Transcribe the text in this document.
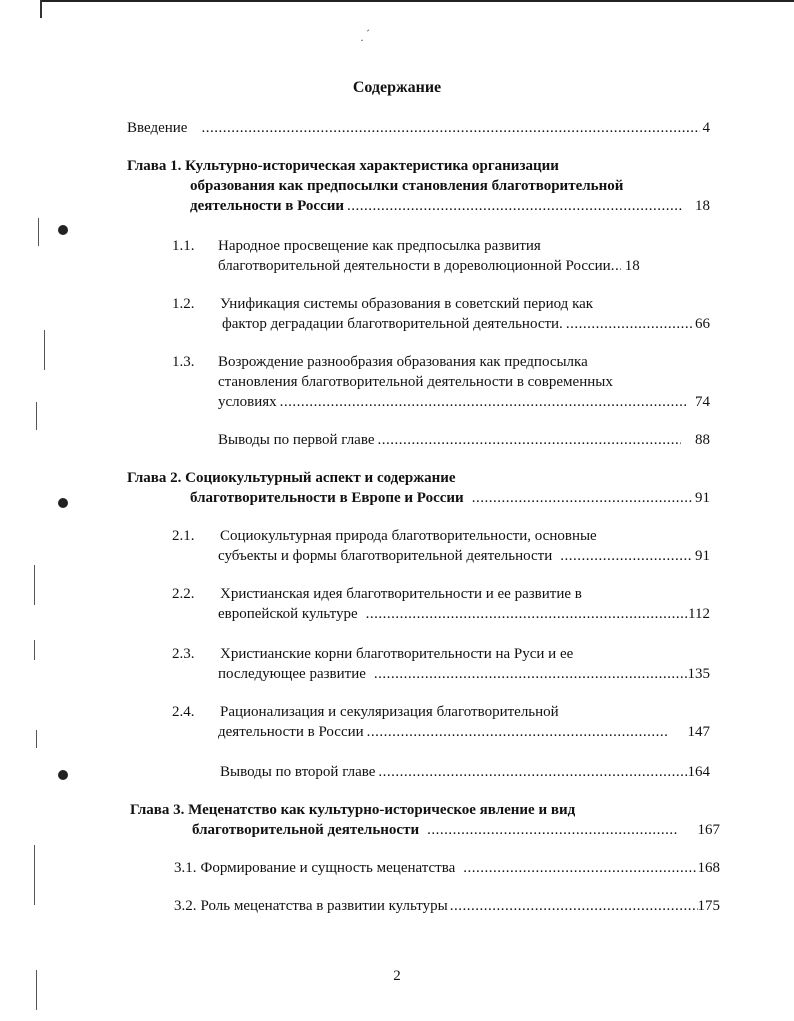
· ´
Содержание
Введение .....	4
Глава 1. Культурно-историческая характеристика организации
образования как предпосылки становления благотворительной
деятельности в России .....	18
1.1. Народное просвещение как предпосылка развития
благотворительной деятельности в дореволюционной России ..... 18
1.2. Унификация системы образования в советский период как
фактор деградации благотворительной деятельности. .....	66
1.3. Возрождение разнообразия образования как предпосылка
становления благотворительной деятельности в современных
условиях .....	74
Выводы по первой главе .....	88
Глава 2. Социокультурный аспект и содержание
благотворительности в Европе и России .....	91
2.1. Социокультурная природа благотворительности, основные
субъекты и формы благотворительной деятельности .....	91
2.2. Христианская идея благотворительности и ее развитие в
европейской культуре .....	112
2.3. Христианские корни благотворительности на Руси и ее
последующее развитие .....	135
2.4. Рационализация и секуляризация благотворительной
деятельности в России .....	147
Выводы по второй главе .....	164
Глава 3. Меценатство как культурно-историческое явление и вид
благотворительной деятельности .....	167
3.1. Формирование и сущность меценатства .....	168
3.2. Роль меценатства в развитии культуры .....	175
2
